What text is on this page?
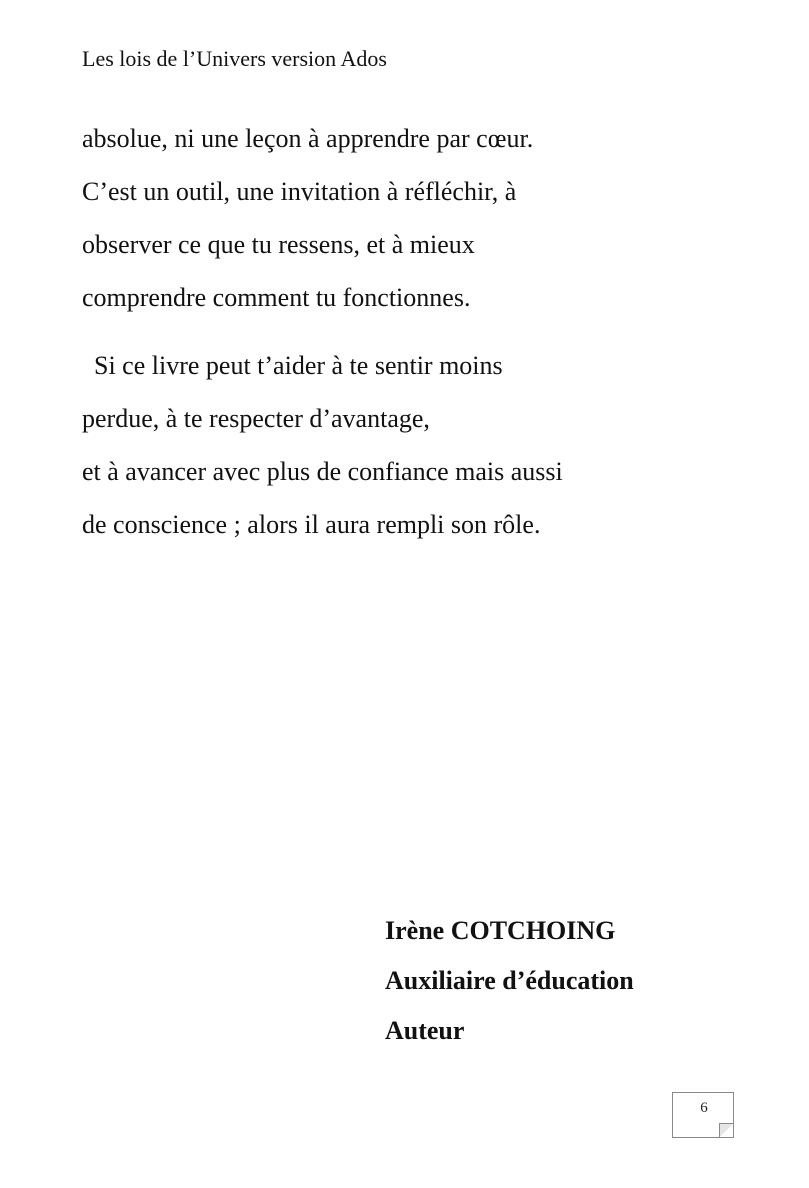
Les lois de l’Univers version Ados
absolue, ni une leçon à apprendre par cœur.
C’est un outil, une invitation à réfléchir, à
observer ce que tu ressens, et à mieux
comprendre comment tu fonctionnes.
Si ce livre peut t’aider à te sentir moins
perdue, à te respecter d’avantage,
et à avancer avec plus de confiance mais aussi
de conscience ; alors il aura rempli son rôle.
Irène COTCHOING
Auxiliaire d’éducation
Auteur
6
